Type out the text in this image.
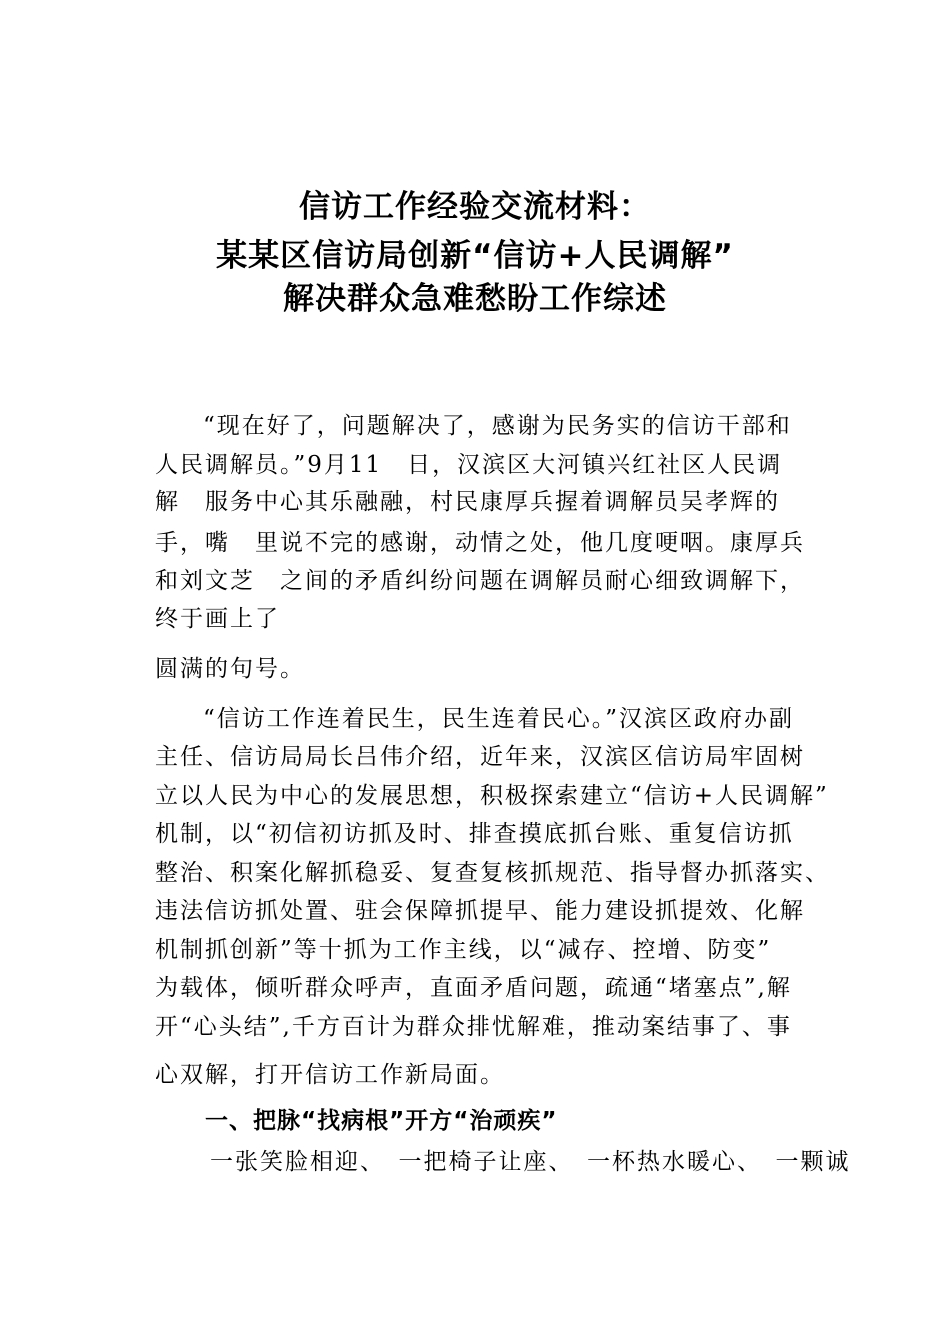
信访工作经验交流材料：
某某区信访局创新“信访+人民调解”
解决群众急难愁盼工作综述
“现在好了，问题解决了，感谢为民务实的信访干部和
人民调解员。”9月11　日，汉滨区大河镇兴红社区人民调
解　服务中心其乐融融，村民康厚兵握着调解员吴孝辉的
手，嘴　里说不完的感谢，动情之处，他几度哽咽。康厚兵
和刘文芝　之间的矛盾纠纷问题在调解员耐心细致调解下，
终于画上了
圆满的句号。
“信访工作连着民生，民生连着民心。”汉滨区政府办副
主任、信访局局长吕伟介绍，近年来，汉滨区信访局牢固树
立以人民为中心的发展思想，积极探索建立“信访+人民调解”
机制，以“初信初访抓及时、排查摸底抓台账、重复信访抓
整治、积案化解抓稳妥、复查复核抓规范、指导督办抓落实、
违法信访抓处置、驻会保障抓提早、能力建设抓提效、化解
机制抓创新”等十抓为工作主线，以“减存、控增、防变”
为载体，倾听群众呼声，直面矛盾问题，疏通“堵塞点”,解
开“心头结”,千方百计为群众排忧解难，推动案结事了、事
心双解，打开信访工作新局面。
一、把脉“找病根”开方“治顽疾”
一张笑脸相迎、　一把椅子让座、　一杯热水暖心、　一颗诚
